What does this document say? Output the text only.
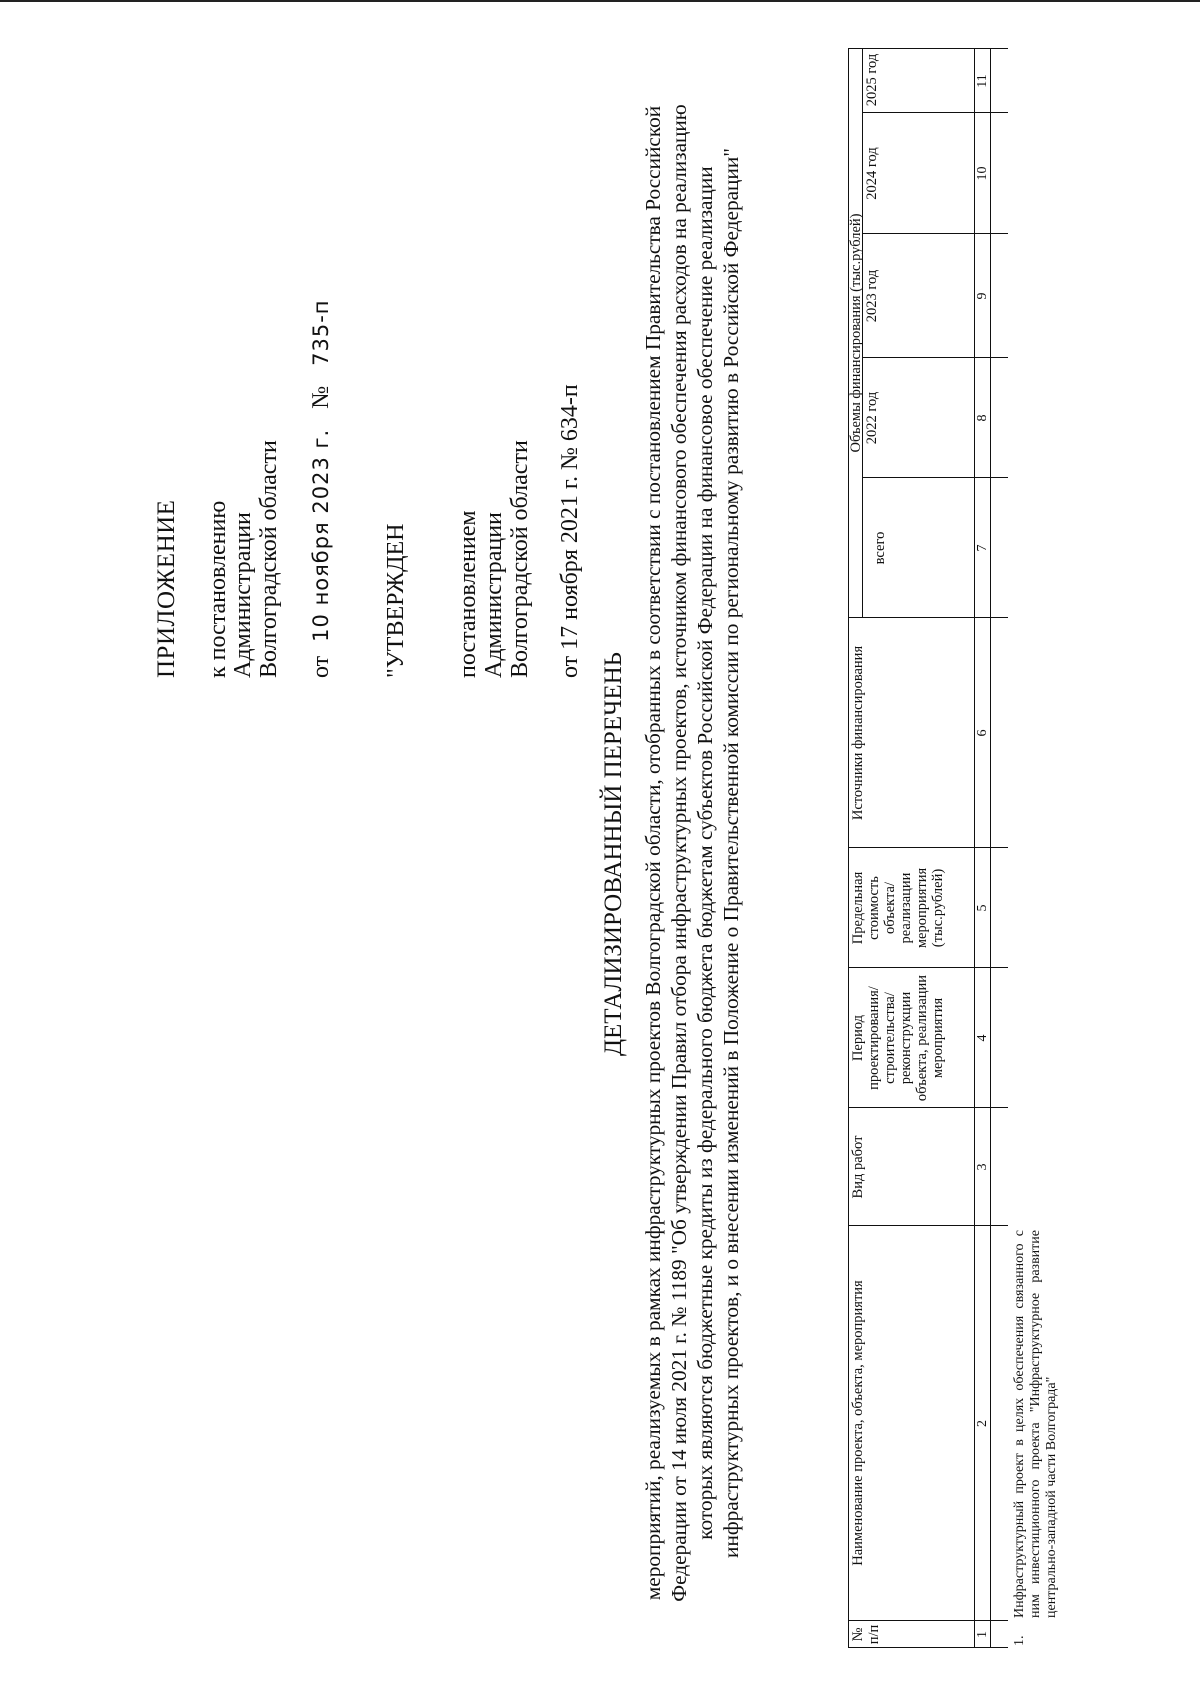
ПРИЛОЖЕНИЕ к постановлению Администрации Волгоградской области от 10 ноября 2023 г. № 735-п
"УТВЕРЖДЕН постановлением Администрации Волгоградской области от 17 ноября 2021 г. № 634-п
ДЕТАЛИЗИРОВАННЫЙ ПЕРЕЧЕНЬ мероприятий, реализуемых в рамках инфраструктурных проектов Волгоградской области, отобранных в соответствии с постановлением Правительства Российской Федерации от 14 июля 2021 г. № 1189 "Об утверждении Правил отбора инфраструктурных проектов, источником финансового обеспечения расходов на реализацию которых являются бюджетные кредиты из федерального бюджета бюджетам субъектов Российской Федерации на финансовое обеспечение реализации инфраструктурных проектов, и о внесении изменений в Положение о Правительственной комиссии по региональному развитию в Российской Федерации"
№ п/п
Наименование проекта, объекта, мероприятия
Вид работ
Период проектирования/ строительства/ реконструкции объекта, реализации мероприятия
Предельная стоимость объекта/ реализации мероприятия (тыс.рублей)
Источники финансирования
Объемы финансирования (тыс.рублей)
всего
2022 год
2023 год
2024 год
2025 год
1
2
3
4
5
6
7
8
9
10
11
1.
Инфраструктурный проект в целях обеспечения связанного с ним инвестиционного проекта "Инфраструктурное развитие центрально-западной части Волгограда"
